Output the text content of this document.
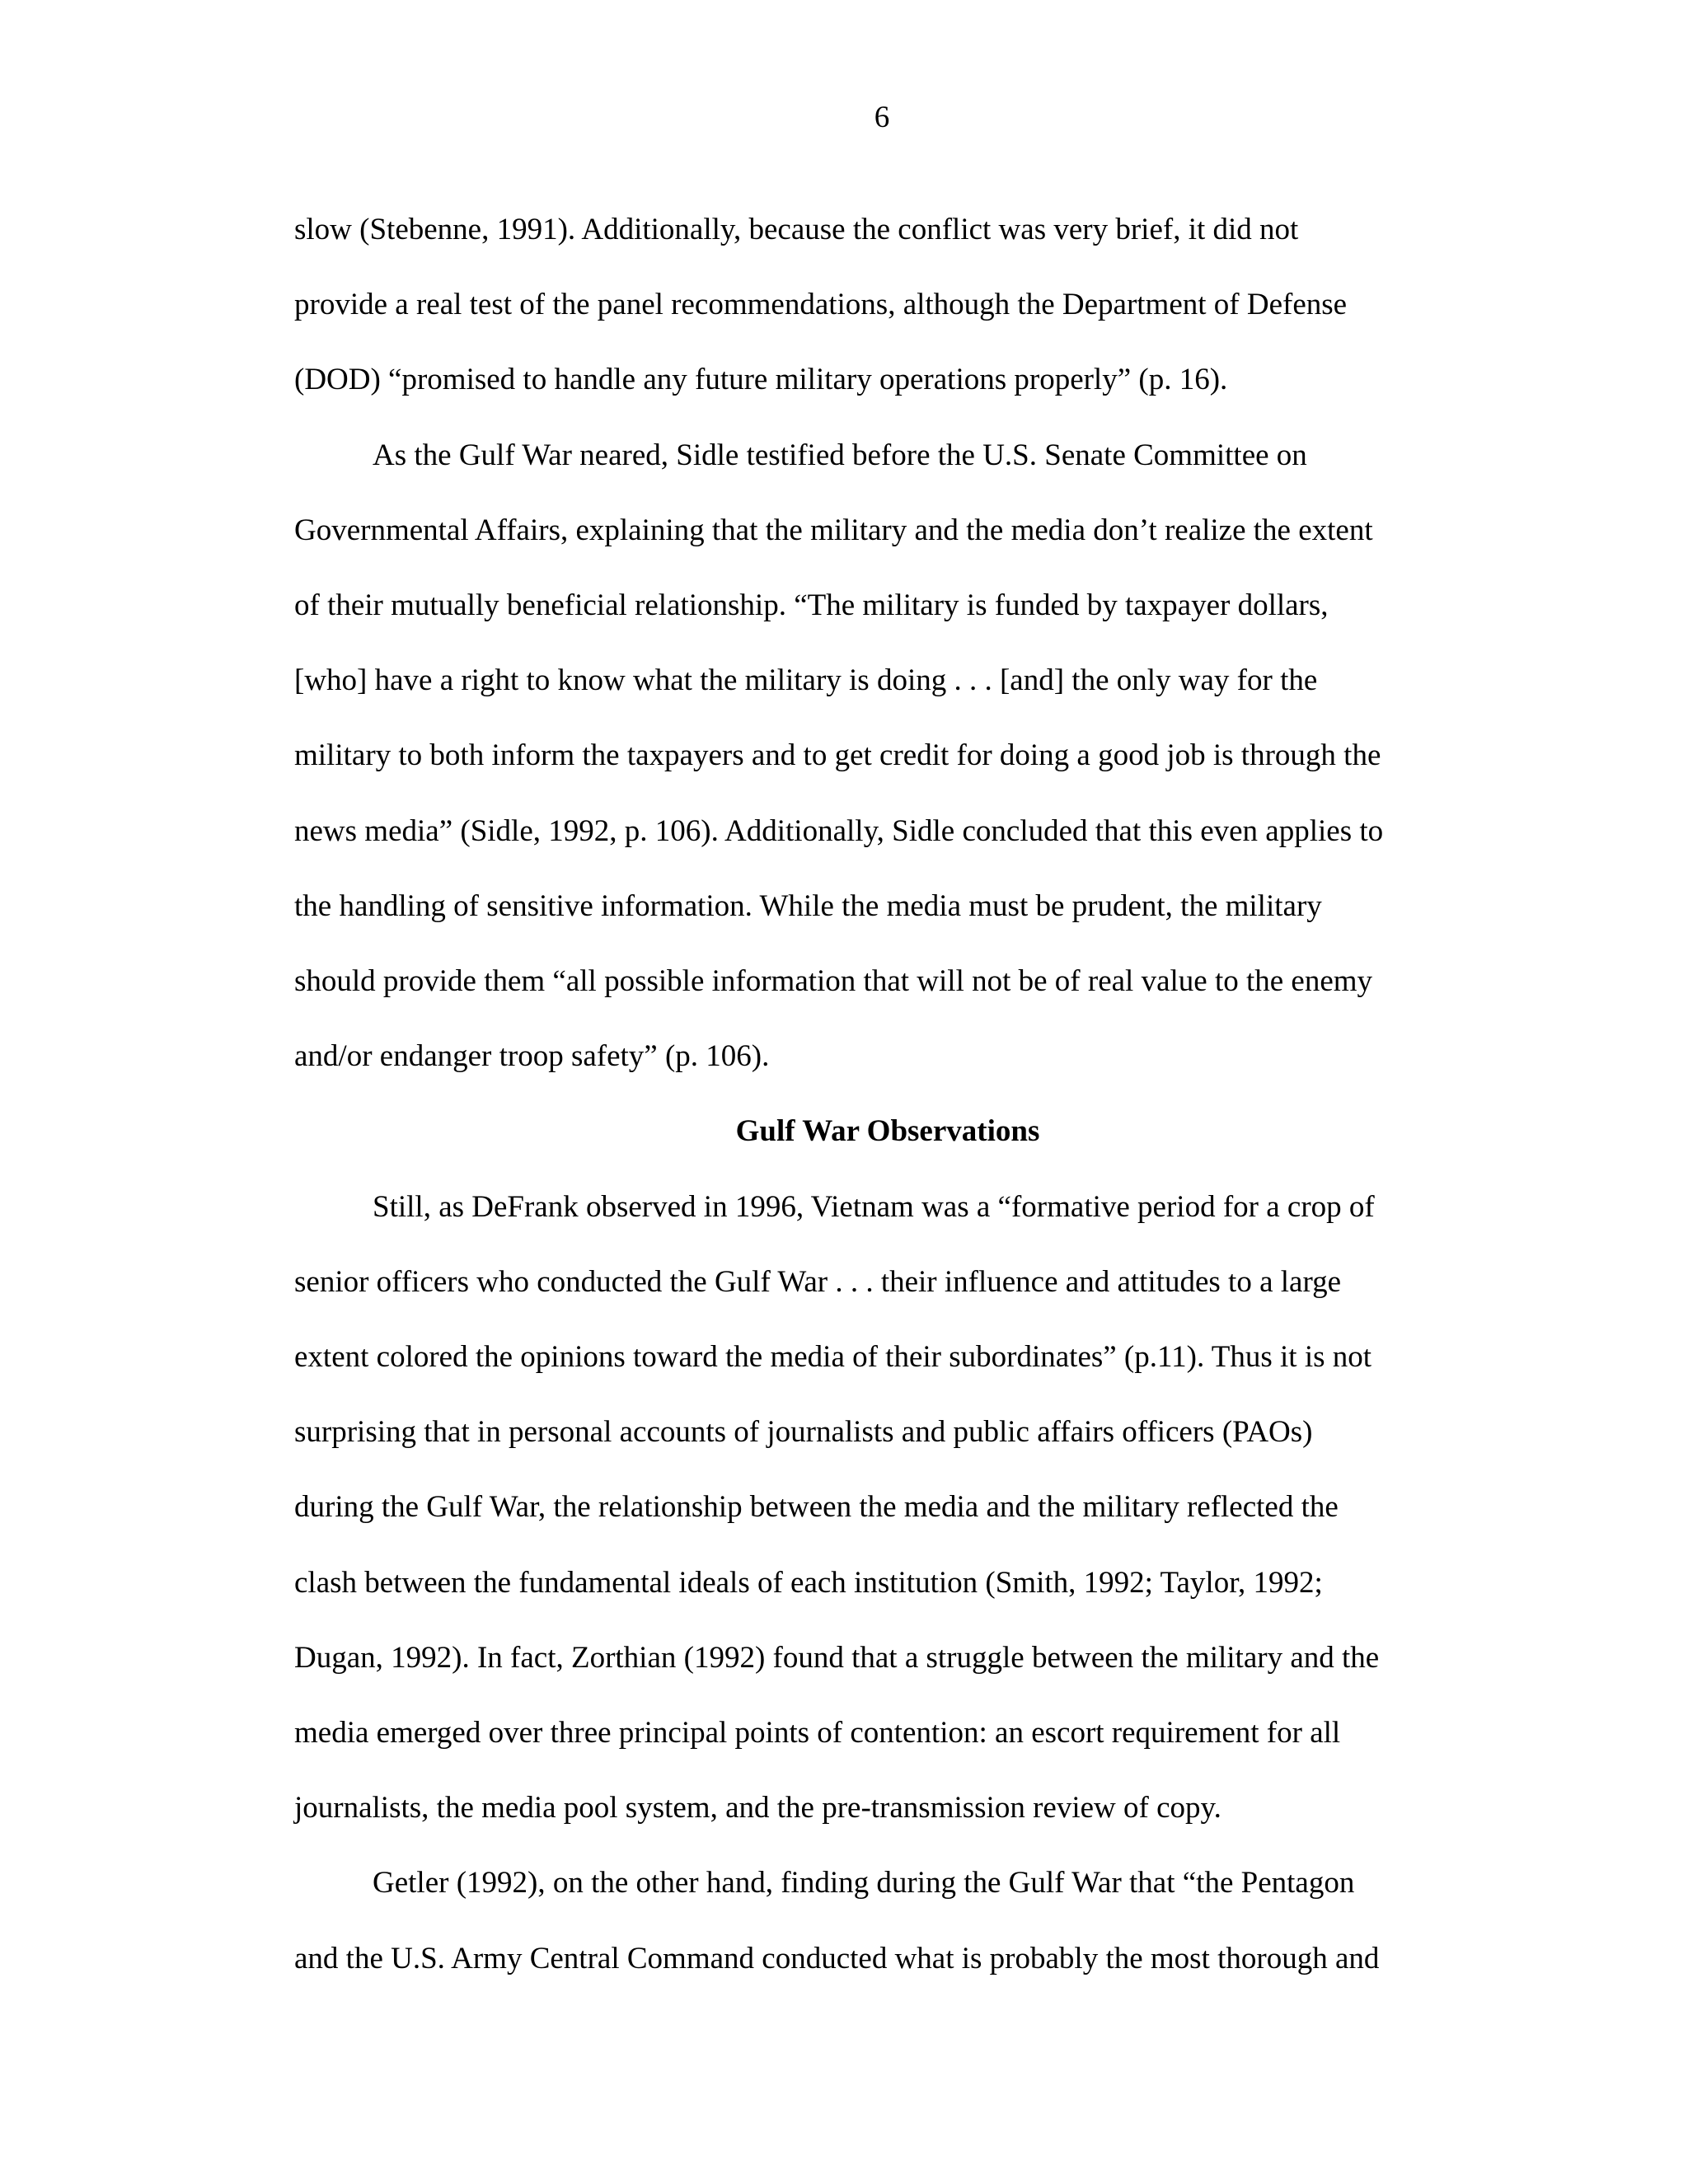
6
slow (Stebenne, 1991). Additionally, because the conflict was very brief, it did not
provide a real test of the panel recommendations, although the Department of Defense
(DOD) “promised to handle any future military operations properly” (p. 16).
As the Gulf War neared, Sidle testified before the U.S. Senate Committee on
Governmental Affairs, explaining that the military and the media don’t realize the extent
of their mutually beneficial relationship. “The military is funded by taxpayer dollars,
[who] have a right to know what the military is doing . . . [and] the only way for the
military to both inform the taxpayers and to get credit for doing a good job is through the
news media” (Sidle, 1992, p. 106). Additionally, Sidle concluded that this even applies to
the handling of sensitive information. While the media must be prudent, the military
should provide them “all possible information that will not be of real value to the enemy
and/or endanger troop safety” (p. 106).
Gulf War Observations
Still, as DeFrank observed in 1996, Vietnam was a “formative period for a crop of
senior officers who conducted the Gulf War . . . their influence and attitudes to a large
extent colored the opinions toward the media of their subordinates” (p.11). Thus it is not
surprising that in personal accounts of journalists and public affairs officers (PAOs)
during the Gulf War, the relationship between the media and the military reflected the
clash between the fundamental ideals of each institution (Smith, 1992; Taylor, 1992;
Dugan, 1992). In fact, Zorthian (1992) found that a struggle between the military and the
media emerged over three principal points of contention: an escort requirement for all
journalists, the media pool system, and the pre-transmission review of copy.
Getler (1992), on the other hand, finding during the Gulf War that “the Pentagon
and the U.S. Army Central Command conducted what is probably the most thorough and
